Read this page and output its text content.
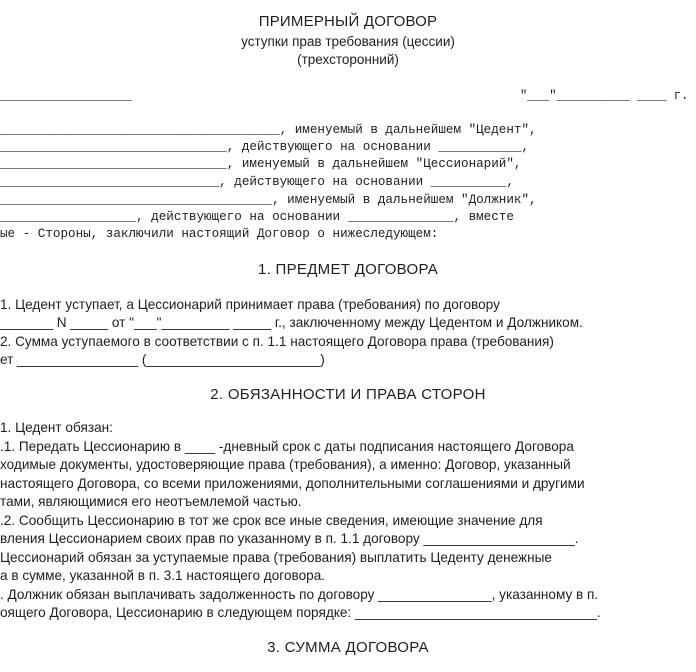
ПРИМЕРНЫЙ ДОГОВОР
уступки прав требования (цессии)
(трехсторонний)
__________________                                                     "___"__________ ____ г.
_____________________________________, именуемый в дальнейшем "Цедент",
______________________________, действующего на основании ___________,
______________________________, именуемый в дальнейшем "Цессионарий",
_____________________________, действующего на основании __________,
____________________________________, именуемый в дальнейшем "Должник",
__________________, действующего на основании ______________, вместе
ые - Стороны, заключили настоящий Договор о нижеследующем:
1. ПРЕДМЕТ ДОГОВОРА
1. Цедент уступает, а Цессионарий принимает права (требования) по договору
_______ N _____ от "___"_________ _____ г., заключенному между Цедентом и Должником.
2. Сумма уступаемого в соответствии с п. 1.1 настоящего Договора права (требования)
ет ________________ (_______________________)
2. ОБЯЗАННОСТИ И ПРАВА СТОРОН
1. Цедент обязан:
.1. Передать Цессионарию в ____ -дневный срок с даты подписания настоящего Договора
ходимые документы, удостоверяющие права (требования), а именно: Договор, указанный
настоящего Договора, со всеми приложениями, дополнительными соглашениями и другими
тами, являющимися его неотъемлемой частью.
.2. Сообщить Цессионарию в тот же срок все иные сведения, имеющие значение для
вления Цессионарием своих прав по указанному в п. 1.1 договору ____________________.
Цессионарий обязан за уступаемые права (требования) выплатить Цеденту денежные
а в сумме, указанной в п. 3.1 настоящего договора.
. Должник обязан выплачивать задолженность по договору _______________, указанному в п.
оящего Договора, Цессионарию в следующем порядке: ________________________________.
3. СУММА ДОГОВОРА
